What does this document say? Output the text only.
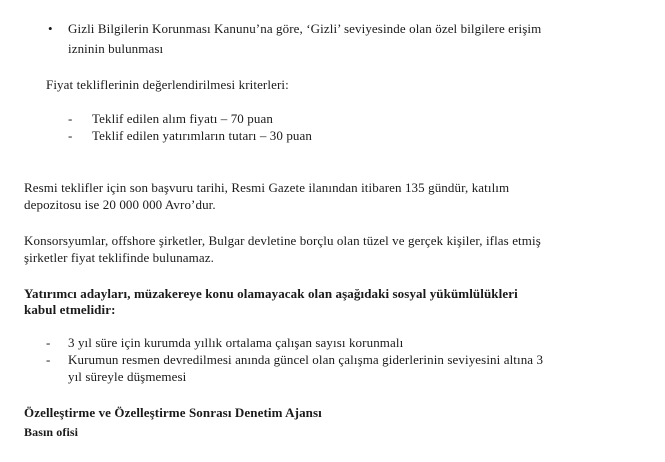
• Gizli Bilgilerin Korunması Kanunu’na göre, ‘Gizli’ seviyesinde olan özel bilgilere erişim
izninin bulunması
Fiyat tekliflerinin değerlendirilmesi kriterleri:
- Teklif edilen alım fiyatı – 70 puan
- Teklif edilen yatırımların tutarı – 30 puan
Resmi teklifler için son başvuru tarihi, Resmi Gazete ilanından itibaren 135 gündür, katılım
depozitosu ise 20 000 000 Avro’dur.
Konsorsyumlar, offshore şirketler, Bulgar devletine borçlu olan tüzel ve gerçek kişiler, iflas etmiş
şirketler fiyat teklifinde bulunamaz.
Yatırımcı adayları, müzakereye konu olamayacak olan aşağıdaki sosyal yükümlülükleri
kabul etmelidir:
- 3 yıl süre için kurumda yıllık ortalama çalışan sayısı korunmalı
- Kurumun resmen devredilmesi anında güncel olan çalışma giderlerinin seviyesini altına 3
yıl süreyle düşmemesi
Özelleştirme ve Özelleştirme Sonrası Denetim Ajansı
Basın ofisi
